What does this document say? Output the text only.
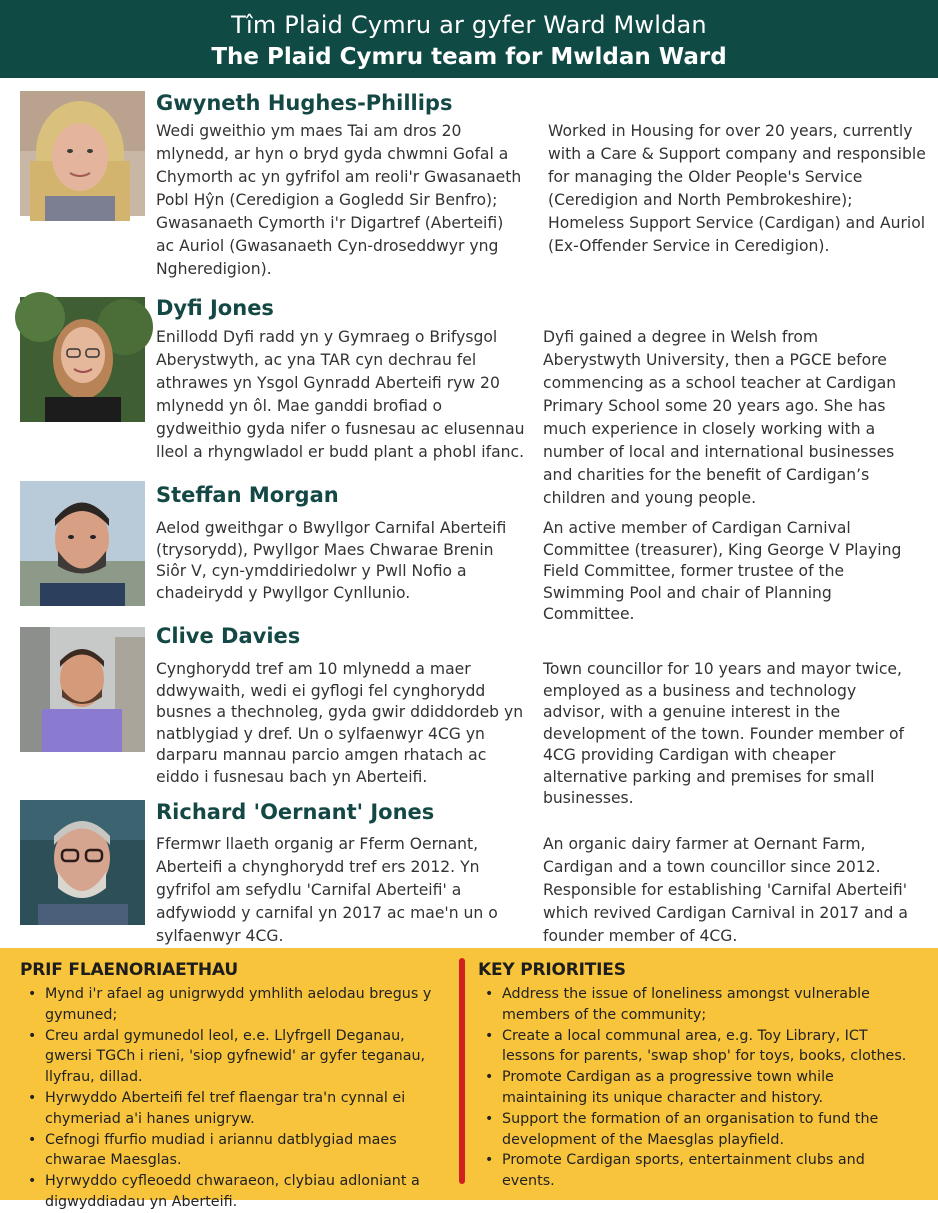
Tîm Plaid Cymru ar gyfer Ward Mwldan
The Plaid Cymru team for Mwldan Ward
Gwyneth Hughes-Phillips
Wedi gweithio ym maes Tai am dros 20 mlynedd, ar hyn o bryd gyda chwmni Gofal a Chymorth ac yn gyfrifol am reoli'r Gwasanaeth Pobl Hŷn (Ceredigion a Gogledd Sir Benfro); Gwasanaeth Cymorth i'r Digartref (Aberteifi) ac Auriol (Gwasanaeth Cyn-droseddwyr yng Ngheredigion).
Worked in Housing for over 20 years, currently with a Care & Support company and responsible for managing the Older People's Service (Ceredigion and North Pembrokeshire); Homeless Support Service (Cardigan) and Auriol (Ex-Offender Service in Ceredigion).
Dyfi Jones
Enillodd Dyfi radd yn y Gymraeg o Brifysgol Aberystwyth, ac yna TAR cyn dechrau fel athrawes yn Ysgol Gynradd Aberteifi ryw 20 mlynedd yn ôl. Mae ganddi brofiad o gydweithio gyda nifer o fusnesau ac elusennau lleol a rhyngwladol er budd plant a phobl ifanc.
Dyfi gained a degree in Welsh from Aberystwyth University, then a PGCE before commencing as a school teacher at Cardigan Primary School some 20 years ago. She has much experience in closely working with a number of local and international businesses and charities for the benefit of Cardigan’s children and young people.
Steffan Morgan
Aelod gweithgar o Bwyllgor Carnifal Aberteifi (trysorydd), Pwyllgor Maes Chwarae Brenin Siôr V, cyn-ymddiriedolwr y Pwll Nofio a chadeirydd y Pwyllgor Cynllunio.
An active member of Cardigan Carnival Committee (treasurer), King George V Playing Field Committee, former trustee of the Swimming Pool and chair of Planning Committee.
Clive Davies
Cynghorydd tref am 10 mlynedd a maer ddwywaith, wedi ei gyflogi fel cynghorydd busnes a thechnoleg, gyda gwir ddiddordeb yn natblygiad y dref. Un o sylfaenwyr 4CG yn darparu mannau parcio amgen rhatach ac eiddo i fusnesau bach yn Aberteifi.
Town councillor for 10 years and mayor twice, employed as a business and technology advisor, with a genuine interest in the development of the town. Founder member of 4CG providing Cardigan with cheaper alternative parking and premises for small businesses.
Richard 'Oernant' Jones
Ffermwr llaeth organig ar Fferm Oernant, Aberteifi a chynghorydd tref ers 2012. Yn gyfrifol am sefydlu 'Carnifal Aberteifi' a adfywiodd y carnifal yn 2017 ac mae'n un o sylfaenwyr 4CG.
An organic dairy farmer at Oernant Farm, Cardigan and a town councillor since 2012. Responsible for establishing 'Carnifal Aberteifi' which revived Cardigan Carnival in 2017 and a founder member of 4CG.
PRIF FLAENORIAETHAU
• Mynd i'r afael ag unigrwydd ymhlith aelodau bregus y gymuned;
• Creu ardal gymunedol leol, e.e. Llyfrgell Deganau, gwersi TGCh i rieni, 'siop gyfnewid' ar gyfer teganau, llyfrau, dillad.
• Hyrwyddo Aberteifi fel tref flaengar tra'n cynnal ei chymeriad a'i hanes unigryw.
• Cefnogi ffurfio mudiad i ariannu datblygiad maes chwarae Maesglas.
• Hyrwyddo cyfleoedd chwaraeon, clybiau adloniant a digwyddiadau yn Aberteifi.
KEY PRIORITIES
• Address the issue of loneliness amongst vulnerable members of the community;
• Create a local communal area, e.g. Toy Library, ICT lessons for parents, 'swap shop' for toys, books, clothes.
• Promote Cardigan as a progressive town while maintaining its unique character and history.
• Support the formation of an organisation to fund the development of the Maesglas playfield.
• Promote Cardigan sports, entertainment clubs and events.
